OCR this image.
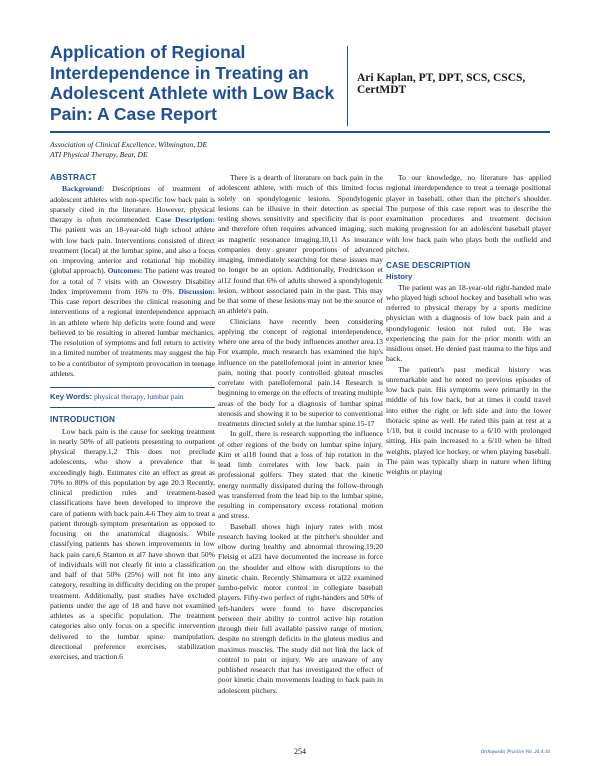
Application of Regional Interdependence in Treating an Adolescent Athlete with Low Back Pain: A Case Report
Ari Kaplan, PT, DPT, SCS, CSCS, CertMDT
Association of Clinical Excellence, Wilmington, DE
ATI Physical Therapy, Bear, DE
ABSTRACT

Background: Descriptions of treatment of adolescent athletes with non-specific low back pain is sparsely cited in the literature. However, physical therapy is often recommended. Case Description: The patient was an 18-year-old high school athlete with low back pain. Interventions consisted of direct treatment (local) at the lumbar spine, and also a focus on improving anterior and rotational hip mobility (global approach). Outcomes: The patient was treated for a total of 7 visits with an Oswestry Disability Index improvement from 16% to 0%. Discussion: This case report describes the clinical reasoning and interventions of a regional interdependence approach in an athlete where hip deficits were found and were believed to be resulting in altered lumbar mechanics. The resolution of symptoms and full return to activity in a limited number of treatments may suggest the hip to be a contributor of symptom provocation in teenage athletes.

Key Words: physical therapy, lumbar pain
INTRODUCTION

Low back pain is the cause for seeking treatment in nearly 50% of all patients presenting to outpatient physical therapy.1,2 This does not preclude adolescents, who show a prevalence that is exceedingly high. Estimates cite an effect as great as 70% to 80% of this population by age 20.3 Recently, clinical prediction rules and treatment-based classifications have been developed to improve the care of patients with back pain.4-6 They aim to treat a patient through symptom presentation as opposed to focusing on the anatomical diagnosis. While classifying patients has shown improvements in low back pain care,6 Stanton et al7 have shown that 50% of individuals will not clearly fit into a classification and half of that 50% (25%) will not fit into any category, resulting in difficulty deciding on the proper treatment. Additionally, past studies have excluded patients under the age of 18 and have not examined athletes as a specific population. The treatment categories also only focus on a specific intervention delivered to the lumbar spine: manipulation, directional preference exercises, stabilization exercises, and traction.6

There is a dearth of literature on back pain in the adolescent athlete, with much of this limited focus solely on spondylogenic lesions. Spondylogenic lesions can be illusive in their detection as special testing shows sensitivity and specificity that is poor and therefore often requires advanced imaging, such as magnetic resonance imaging.10,11 As insurance companies deny greater proportions of advanced imaging, immediately searching for these issues may no longer be an option. Additionally, Fredrickson et al12 found that 6% of adults showed a spondylogenic lesion, without associated pain in the past. This may be that some of these lesions may not be the source of an athlete's pain.

Clinicians have recently been considering applying the concept of regional interdependence, where one area of the body influences another area.13 For example, much research has examined the hip's influence on the patellofemoral joint in anterior knee pain, noting that poorly controlled gluteal muscles correlate with patellofemoral pain.14 Research is beginning to emerge on the effects of treating multiple areas of the body for a diagnosis of lumbar spinal stenosis and showing it to be superior to conventional treatments directed solely at the lumbar spine.15-17

In golf, there is research supporting the influence of other regions of the body on lumbar spine injury. Kim et al18 found that a loss of hip rotation in the lead limb correlates with low back pain in professional golfers. They stated that the kinetic energy normally dissipated during the follow-through was transferred from the lead hip to the lumbar spine, resulting in compensatory excess rotational motion and stress.

Baseball shows high injury rates with most research having looked at the pitcher's shoulder and elbow during healthy and abnormal throwing.19,20 Fleisig et al21 have documented the increase in force on the shoulder and elbow with disruptions to the kinetic chain. Recently Shimamura et al22 examined lumbo-pelvic motor control in collegiate baseball players. Fifty-two perfect of right-handers and 50% of left-handers were found to have discrepancies between their ability to control active hip rotation through their full available passive range of motion, despite no strength deficits in the gluteus medius and maximus muscles. The study did not link the lack of control to pain or injury. We are unaware of any published research that has investigated the effect of poor kinetic chain movements leading to back pain in adolescent pitchers.

To our knowledge, no literature has applied regional interdependence to treat a teenage positional player in baseball, other than the pitcher's shoulder. The purpose of this case report was to describe the examination procedures and treatment decision making progression for an adolescent baseball player with low back pain who plays both the outfield and pitches.

CASE DESCRIPTION
History

The patient was an 18-year-old right-handed male who played high school hockey and baseball who was referred to physical therapy by a sports medicine physician with a diagnosis of low back pain and a spondylogenic lesion not ruled out. He was experiencing the pain for the prior month with an insidious onset. He denied past trauma to the hips and back.

The patient's past medical history was unremarkable and he noted no previous episodes of low back pain. His symptoms were primarily in the middle of his low back, but at times it could travel into either the right or left side and into the lower thoracic spine as well. He rated this pain at rest at a 1/10, but it could increase to a 6/10 with prolonged sitting. His pain increased to a 6/10 when he lifted weights, played ice hockey, or when playing baseball. The pain was typically sharp in nature when lifting weights or playing

254	Orthopaedic Practice Vol. 26;4:16
